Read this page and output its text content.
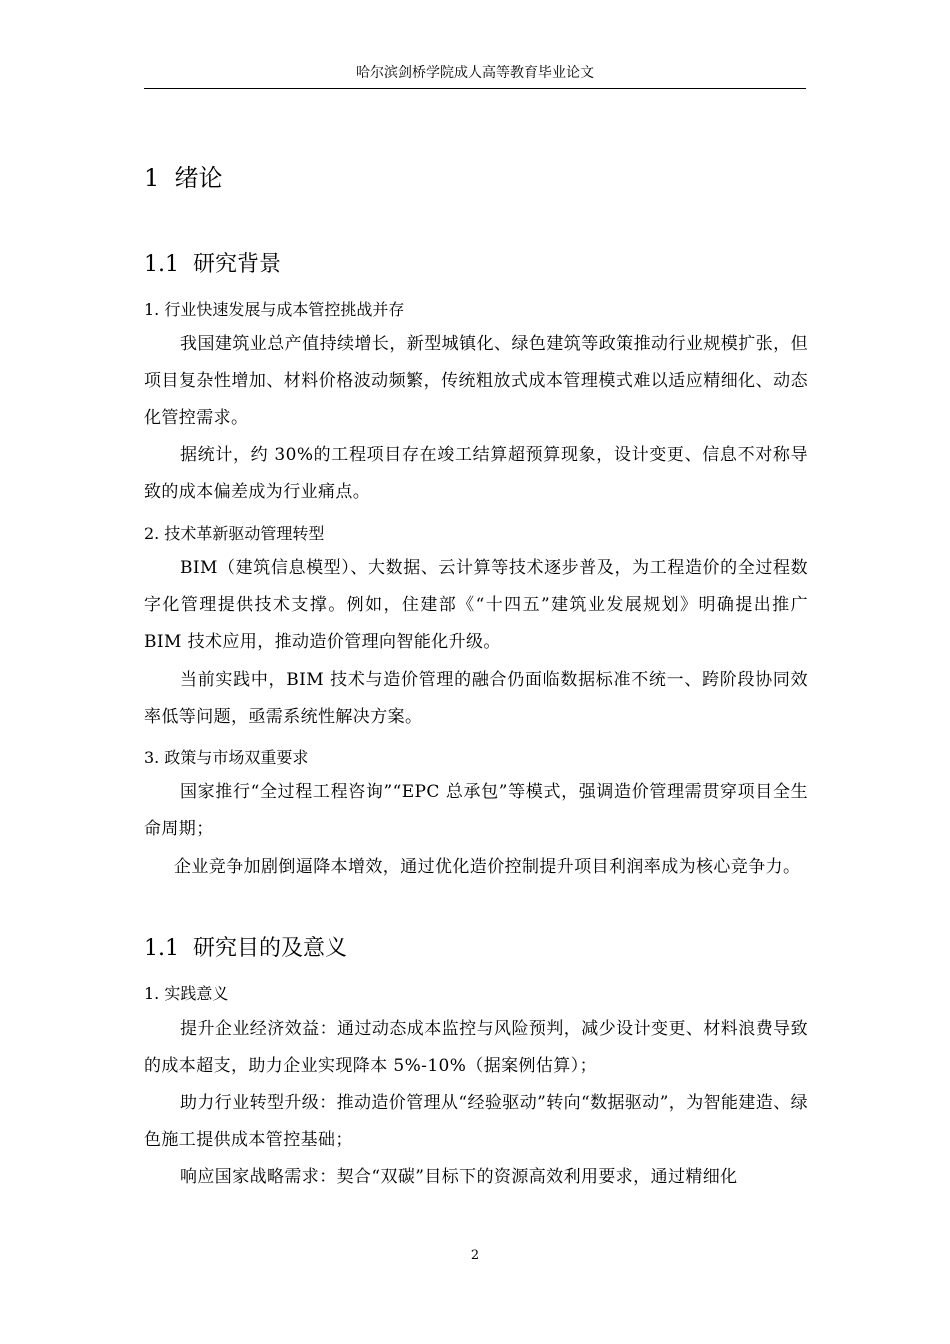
哈尔滨剑桥学院成人高等教育毕业论文
1 绪论
1.1 研究背景
1. 行业快速发展与成本管控挑战并存
我国建筑业总产值持续增长，新型城镇化、绿色建筑等政策推动行业规模扩张，但项目复杂性增加、材料价格波动频繁，传统粗放式成本管理模式难以适应精细化、动态化管控需求。
据统计，约 30%的工程项目存在竣工结算超预算现象，设计变更、信息不对称导致的成本偏差成为行业痛点。
2. 技术革新驱动管理转型
BIM（建筑信息模型）、大数据、云计算等技术逐步普及，为工程造价的全过程数字化管理提供技术支撑。例如，住建部《“十四五”建筑业发展规划》明确提出推广 BIM 技术应用，推动造价管理向智能化升级。
当前实践中，BIM 技术与造价管理的融合仍面临数据标准不统一、跨阶段协同效率低等问题，亟需系统性解决方案。
3. 政策与市场双重要求
国家推行“全过程工程咨询”“EPC 总承包”等模式，强调造价管理需贯穿项目全生命周期；
企业竞争加剧倒逼降本增效，通过优化造价控制提升项目利润率成为核心竞争力。
1.1 研究目的及意义
1. 实践意义
提升企业经济效益：通过动态成本监控与风险预判，减少设计变更、材料浪费导致的成本超支，助力企业实现降本 5%-10%（据案例估算）；
助力行业转型升级：推动造价管理从“经验驱动”转向“数据驱动”，为智能建造、绿色施工提供成本管控基础；
响应国家战略需求：契合“双碳”目标下的资源高效利用要求，通过精细化
2
